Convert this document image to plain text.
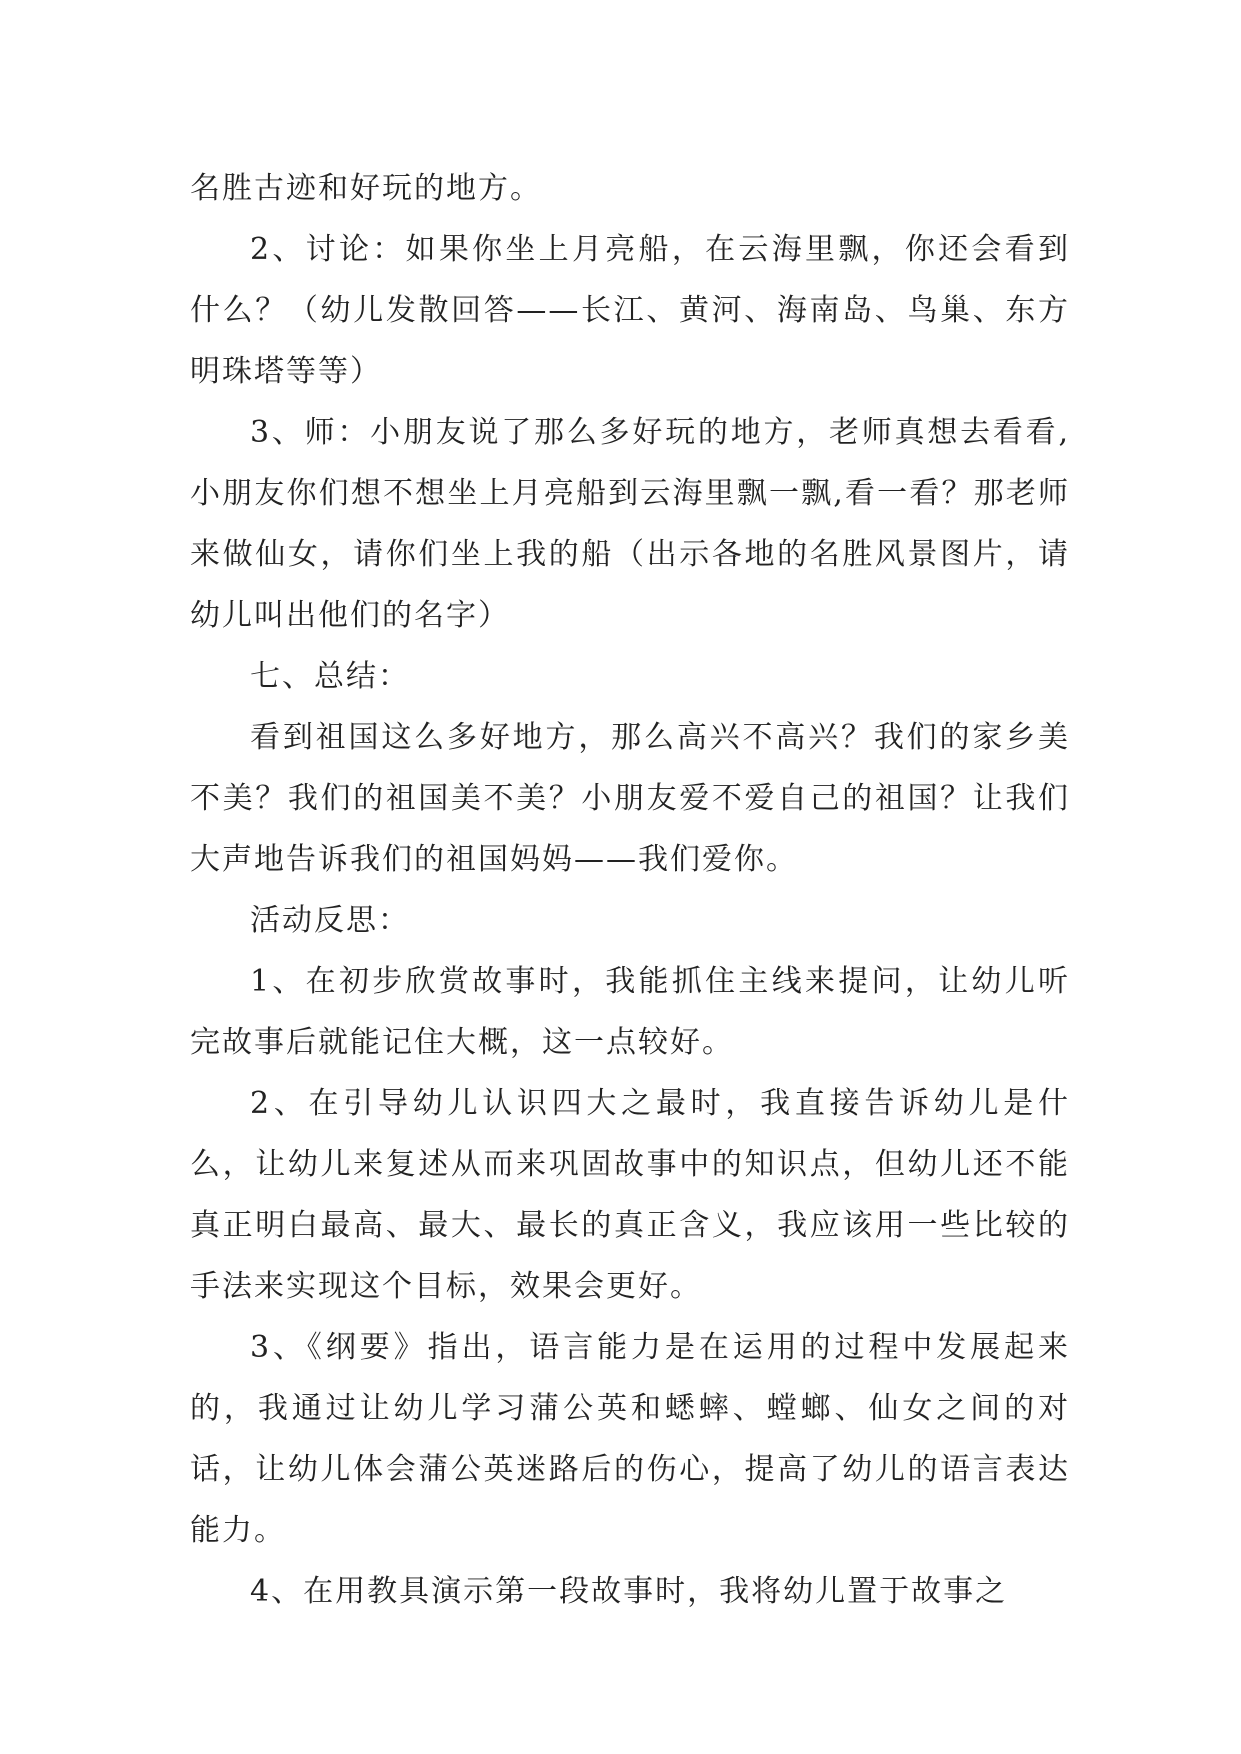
名胜古迹和好玩的地方。

2、讨论：如果你坐上月亮船，在云海里飘，你还会看到什么？（幼儿发散回答——长江、黄河、海南岛、鸟巢、东方明珠塔等等）

3、师：小朋友说了那么多好玩的地方，老师真想去看看,小朋友你们想不想坐上月亮船到云海里飘一飘,看一看？那老师来做仙女，请你们坐上我的船（出示各地的名胜风景图片，请幼儿叫出他们的名字）

七、总结：

看到祖国这么多好地方，那么高兴不高兴？我们的家乡美不美？我们的祖国美不美？小朋友爱不爱自己的祖国？让我们大声地告诉我们的祖国妈妈——我们爱你。

活动反思：

1、在初步欣赏故事时，我能抓住主线来提问，让幼儿听完故事后就能记住大概，这一点较好。

2、在引导幼儿认识四大之最时，我直接告诉幼儿是什么，让幼儿来复述从而来巩固故事中的知识点，但幼儿还不能真正明白最高、最大、最长的真正含义，我应该用一些比较的手法来实现这个目标，效果会更好。

3、《纲要》指出，语言能力是在运用的过程中发展起来的，我通过让幼儿学习蒲公英和蟋蟀、螳螂、仙女之间的对话，让幼儿体会蒲公英迷路后的伤心，提高了幼儿的语言表达能力。

4、在用教具演示第一段故事时，我将幼儿置于故事之
